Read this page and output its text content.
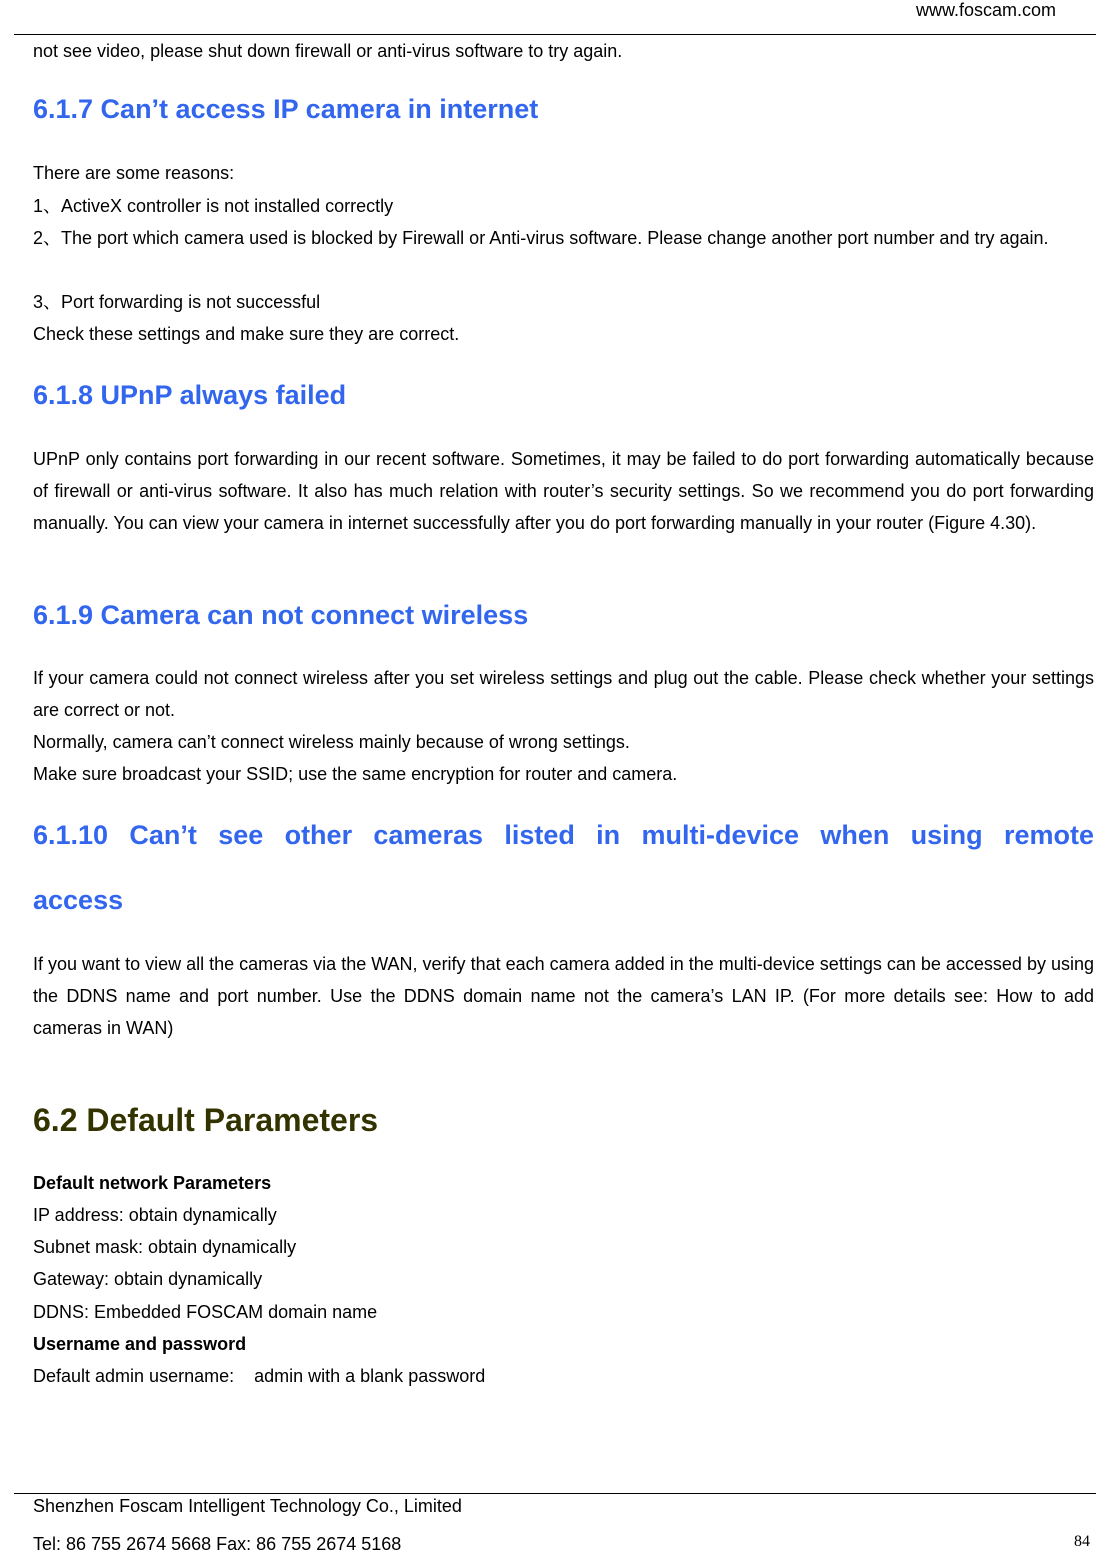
www.foscam.com

not see video, please shut down firewall or anti-virus software to try again.

6.1.7 Can’t access IP camera in internet

There are some reasons:

1、ActiveX controller is not installed correctly

2、The port which camera used is blocked by Firewall or Anti-virus software. Please change another port number and try again.

3、Port forwarding is not successful

Check these settings and make sure they are correct.

6.1.8 UPnP always failed

UPnP only contains port forwarding in our recent software. Sometimes, it may be failed to do port forwarding automatically because of firewall or anti-virus software. It also has much relation with router’s security settings. So we recommend you do port forwarding manually. You can view your camera in internet successfully after you do port forwarding manually in your router (Figure 4.30).

6.1.9 Camera can not connect wireless

If your camera could not connect wireless after you set wireless settings and plug out the cable. Please check whether your settings are correct or not.

Normally, camera can’t connect wireless mainly because of wrong settings.

Make sure broadcast your SSID; use the same encryption for router and camera.

6.1.10 Can’t see other cameras listed in multi-device when using remote
access

If you want to view all the cameras via the WAN, verify that each camera added in the multi-device settings can be accessed by using the DDNS name and port number. Use the DDNS domain name not the camera’s LAN IP. (For more details see: How to add cameras in WAN)

6.2 Default Parameters

Default network Parameters

IP address: obtain dynamically

Subnet mask: obtain dynamically

Gateway: obtain dynamically

DDNS: Embedded FOSCAM domain name

Username and password

Default admin username:    admin with a blank password

Shenzhen Foscam Intelligent Technology Co., Limited
Tel: 86 755 2674 5668 Fax: 86 755 2674 5168	84
